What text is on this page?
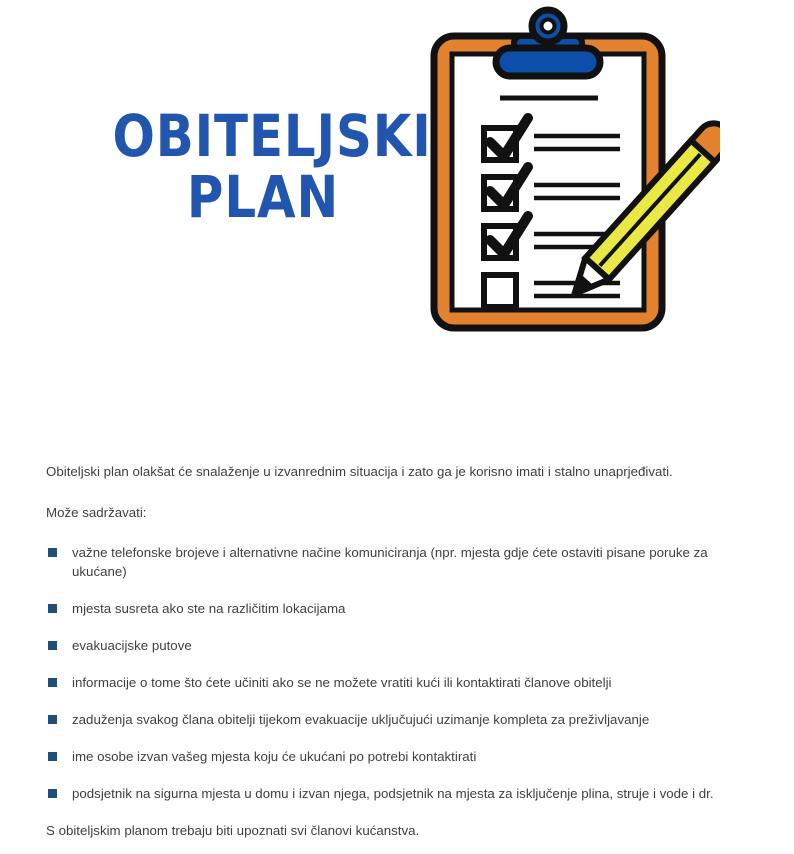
OBITELJSKI
PLAN

Obiteljski plan olakšat će snalaženje u izvanrednim situacija i zato ga je korisno imati i stalno unaprjeđivati.

Može sadržavati:

važne telefonske brojeve i alternativne načine komuniciranja (npr. mjesta gdje ćete ostaviti pisane poruke za ukućane)
mjesta susreta ako ste na različitim lokacijama
evakuacijske putove
informacije o tome što ćete učiniti ako se ne možete vratiti kući ili kontaktirati članove obitelji
zaduženja svakog člana obitelji tijekom evakuacije uključujući uzimanje kompleta za preživljavanje
ime osobe izvan vašeg mjesta koju će ukućani po potrebi kontaktirati
podsjetnik na sigurna mjesta u domu i izvan njega, podsjetnik na mjesta za isključenje plina, struje i vode i dr.

S obiteljskim planom trebaju biti upoznati svi članovi kućanstva.
